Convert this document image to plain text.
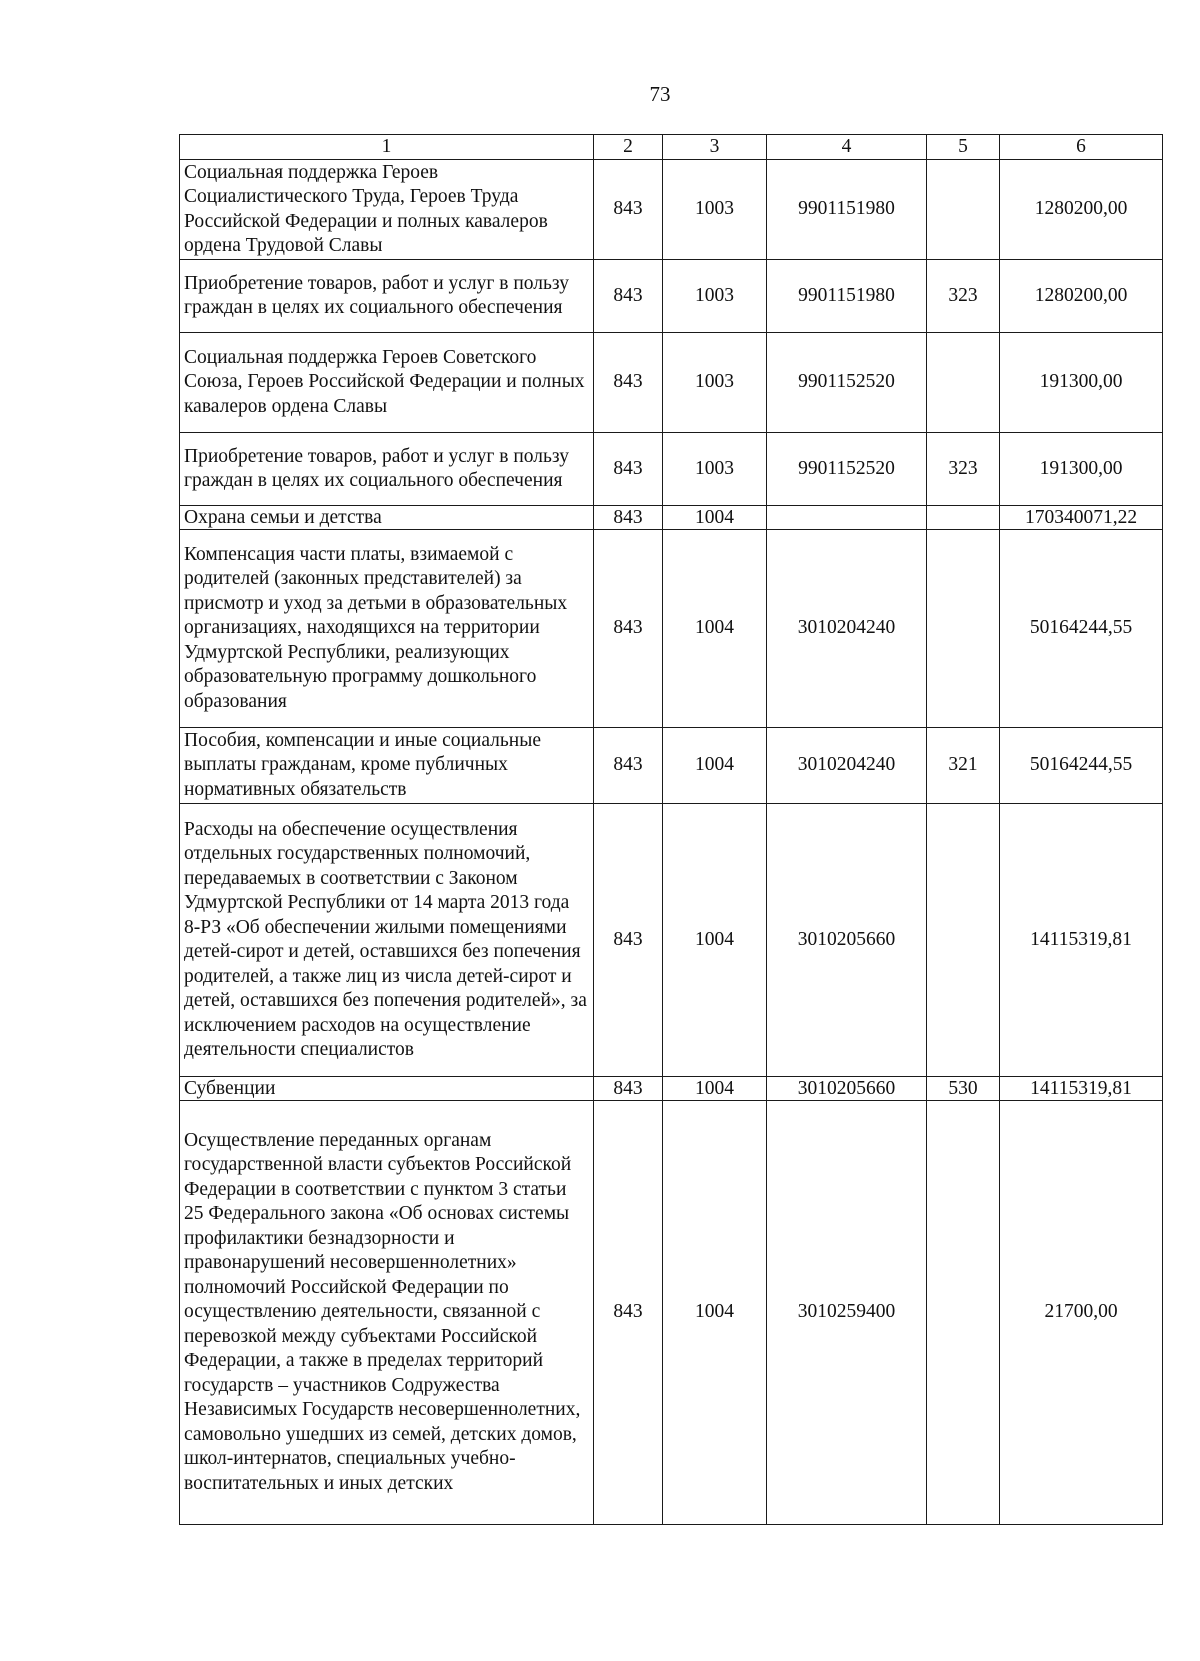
73
1	2	3	4	5	6
Социальная поддержка Героев Социалистического Труда, Героев Труда Российской Федерации и полных кавалеров ордена Трудовой Славы	843	1003	9901151980		1280200,00
Приобретение товаров, работ и услуг в пользу граждан в целях их социального обеспечения	843	1003	9901151980	323	1280200,00
Социальная поддержка Героев Советского Союза, Героев Российской Федерации и полных кавалеров ордена Славы	843	1003	9901152520		191300,00
Приобретение товаров, работ и услуг в пользу граждан в целях их социального обеспечения	843	1003	9901152520	323	191300,00
Охрана семьи и детства	843	1004			170340071,22
Компенсация части платы, взимаемой с родителей (законных представителей) за присмотр и уход за детьми в образовательных организациях, находящихся на территории Удмуртской Республики, реализующих образовательную программу дошкольного образования	843	1004	3010204240		50164244,55
Пособия, компенсации и иные социальные выплаты гражданам, кроме публичных нормативных обязательств	843	1004	3010204240	321	50164244,55
Расходы на обеспечение осуществления отдельных государственных полномочий, передаваемых в соответствии с Законом Удмуртской Республики от 14 марта 2013 года 8-РЗ «Об обеспечении жилыми помещениями детей-сирот и детей, оставшихся без попечения родителей, а также лиц из числа детей-сирот и детей, оставшихся без попечения родителей», за исключением расходов на осуществление деятельности специалистов	843	1004	3010205660		14115319,81
Субвенции	843	1004	3010205660	530	14115319,81
Осуществление переданных органам государственной власти субъектов Российской Федерации в соответствии с пунктом 3 статьи 25 Федерального закона «Об основах системы профилактики безнадзорности и правонарушений несовершеннолетних» полномочий Российской Федерации по осуществлению деятельности, связанной с перевозкой между субъектами Российской Федерации, а также в пределах территорий государств – участников Содружества Независимых Государств несовершеннолетних, самовольно ушедших из семей, детских домов, школ-интернатов, специальных учебно-воспитательных и иных детских	843	1004	3010259400		21700,00
